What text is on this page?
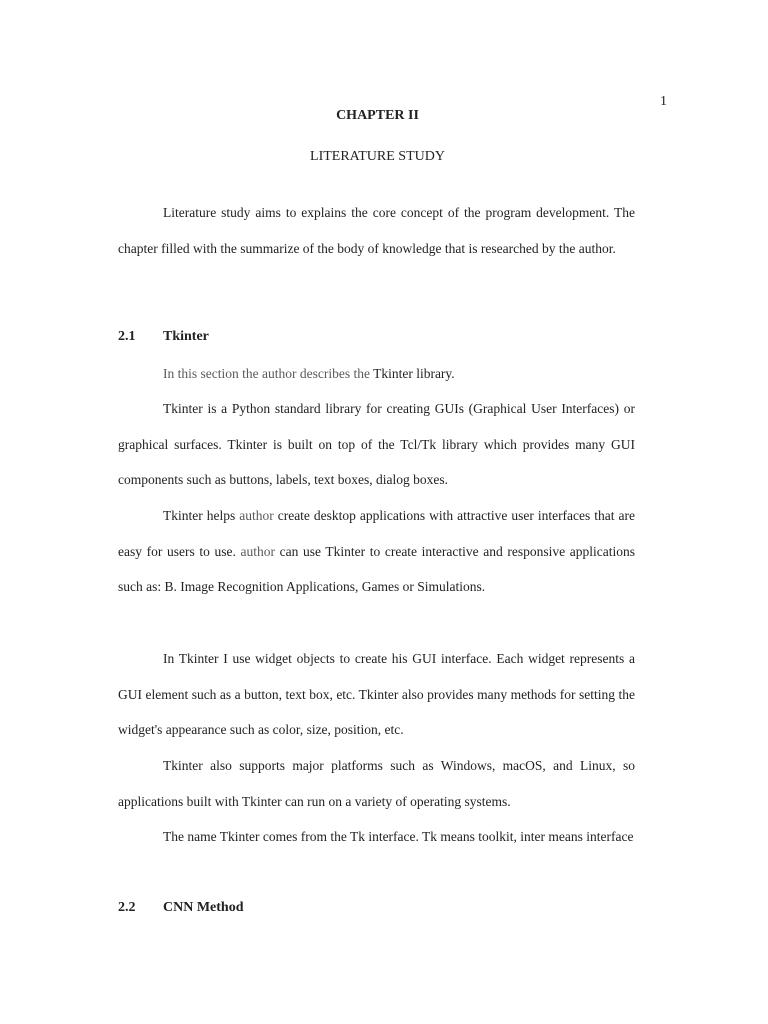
1
CHAPTER II
LITERATURE STUDY

Literature study aims to explains the core concept of the program development. The chapter filled with the summarize of the body of knowledge that is researched by the author.

2.1 Tkinter

In this section the author describes the Tkinter library.

Tkinter is a Python standard library for creating GUIs (Graphical User Interfaces) or graphical surfaces. Tkinter is built on top of the Tcl/Tk library which provides many GUI components such as buttons, labels, text boxes, dialog boxes.

Tkinter helps author create desktop applications with attractive user interfaces that are easy for users to use. author can use Tkinter to create interactive and responsive applications such as: B. Image Recognition Applications, Games or Simulations.

In Tkinter I use widget objects to create his GUI interface. Each widget represents a GUI element such as a button, text box, etc. Tkinter also provides many methods for setting the widget's appearance such as color, size, position, etc.

Tkinter also supports major platforms such as Windows, macOS, and Linux, so applications built with Tkinter can run on a variety of operating systems.

The name Tkinter comes from the Tk interface. Tk means toolkit, inter means interface

2.2 CNN Method
